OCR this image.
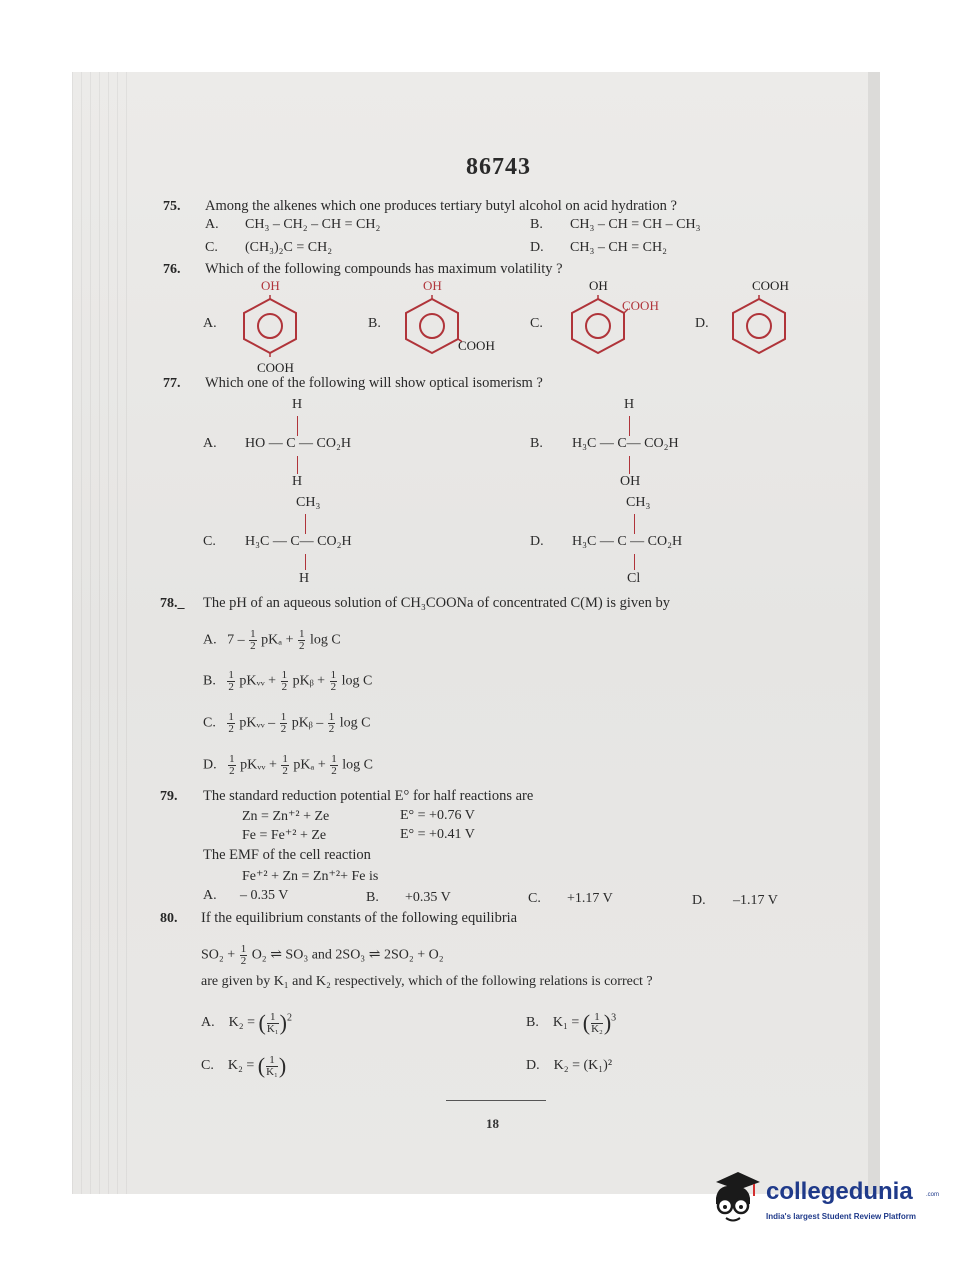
86743
75. Among the alkenes which one produces tertiary butyl alcohol on acid hydration ?
A. CH₃ – CH₂ – CH = CH₂	B. CH₃ – CH = CH – CH₃
C. (CH₃)₂C = CH₂	D. CH₃ – CH = CH₂
76. Which of the following compounds has maximum volatility ?
A.
OH
COOH
B.
OH
COOH
C.
OH
COOH
D.
COOH
77. Which one of the following will show optical isomerism ?
H
A. HO — C — CO₂H
H
H
B. H₃C — C— CO₂H
OH
CH₃
C. H₃C — C— CO₂H
H
CH₃
D. H₃C — C — CO₂H
Cl
78._ The pH of an aqueous solution of CH₃COONa of concentrated C(M) is given by
A. $7 - \frac{1}{2}$ $pK_a + \frac{1}{2}$ log C
B. $\frac{1}{2}$ pKᵥᵥ + $\frac{1}{2}$ pKᵦ + $\frac{1}{2}$ log C
C. $\frac{1}{2}$ pKᵥᵥ – $\frac{1}{2}$ pKᵦ – $\frac{1}{2}$ log C
D. $\frac{1}{2}$ pKᵥᵥ + $\frac{1}{2}$ $pK_a + \frac{1}{2}$ log C
79. The standard reduction potential E° for half reactions are
Zn = Zn⁺² + Ze	E° = +0.76 V
Fe = Fe⁺² + Ze	E° = +0.41 V
The EMF of the cell reaction
Fe⁺² + Zn = Zn⁺²+ Fe is
A. – 0.35 V	B. +0.35 V	C. +1.17 V	D. –1.17 V
80. If the equilibrium constants of the following equilibria
$SO_2 + \frac{1}{2} O_2$ ⇌ SO₃ and 2SO₃ ⇌ 2SO₂ + O₂
are given by K₁ and K₂ respectively, which of the following relations is correct ?
A. K₂ = ( $\frac{1}{\text{K₁}} )^2$	B. K₁ = ( $\frac{1}{\text{K₂}} )^3$
C. K₂ = ( $\frac{1}{\text{K₁}}$ )	D. K₂ = (K₁)²
18
collegedunia .com
India's largest Student Review Platform
